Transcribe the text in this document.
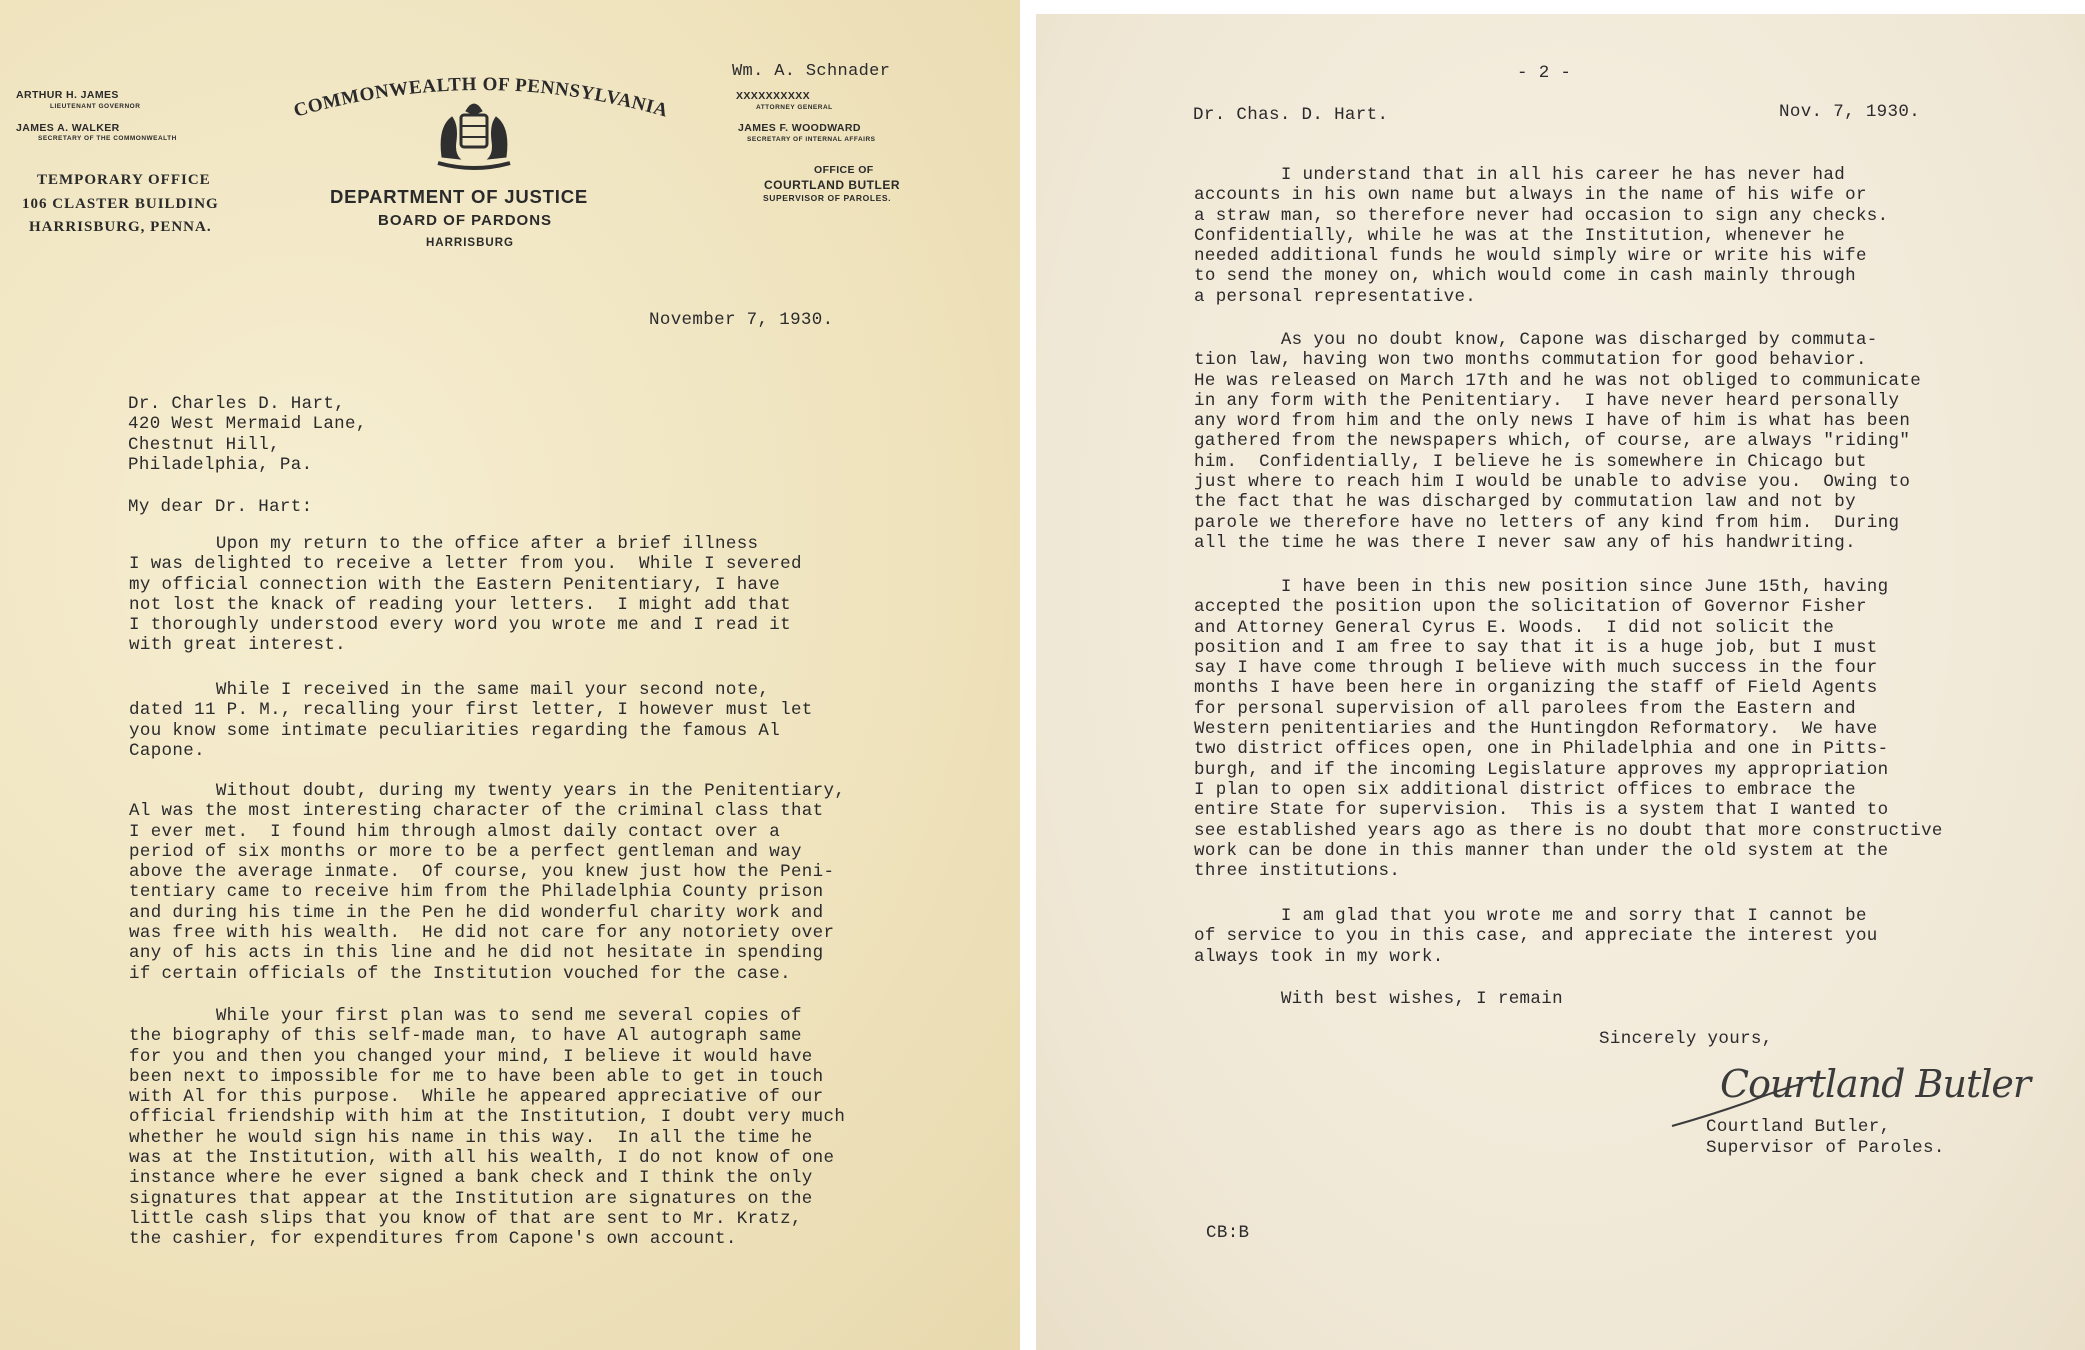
ARTHUR H. JAMES

LIEUTENANT GOVERNOR

JAMES A. WALKER

SECRETARY OF THE COMMONWEALTH

TEMPORARY OFFICE

106 CLASTER BUILDING

HARRISBURG, PENNA.

COMMONWEALTH OF PENNSYLVANIA

DEPARTMENT OF JUSTICE

BOARD OF PARDONS

HARRISBURG

Wm. A. Schnader

XXXXXXXXXX

ATTORNEY GENERAL

JAMES F. WOODWARD

SECRETARY OF INTERNAL AFFAIRS

OFFICE OF

COURTLAND BUTLER

SUPERVISOR OF PAROLES.

November 7, 1930.

Dr. Charles D. Hart,
420 West Mermaid Lane,
Chestnut Hill,
Philadelphia, Pa.

My dear Dr. Hart:

Upon my return to the office after a brief illness
I was delighted to receive a letter from you.  While I severed
my official connection with the Eastern Penitentiary, I have
not lost the knack of reading your letters.  I might add that
I thoroughly understood every word you wrote me and I read it
with great interest.

While I received in the same mail your second note,
dated 11 P. M., recalling your first letter, I however must let
you know some intimate peculiarities regarding the famous Al
Capone.

Without doubt, during my twenty years in the Penitentiary,
Al was the most interesting character of the criminal class that
I ever met.  I found him through almost daily contact over a
period of six months or more to be a perfect gentleman and way
above the average inmate.  Of course, you knew just how the Peni-
tentiary came to receive him from the Philadelphia County prison
and during his time in the Pen he did wonderful charity work and
was free with his wealth.  He did not care for any notoriety over
any of his acts in this line and he did not hesitate in spending
if certain officials of the Institution vouched for the case.

While your first plan was to send me several copies of
the biography of this self-made man, to have Al autograph same
for you and then you changed your mind, I believe it would have
been next to impossible for me to have been able to get in touch
with Al for this purpose.  While he appeared appreciative of our
official friendship with him at the Institution, I doubt very much
whether he would sign his name in this way.  In all the time he
was at the Institution, with all his wealth, I do not know of one
instance where he ever signed a bank check and I think the only
signatures that appear at the Institution are signatures on the
little cash slips that you know of that are sent to Mr. Kratz,
the cashier, for expenditures from Capone's own account.

- 2 -

Dr. Chas. D. Hart.	Nov. 7, 1930.

I understand that in all his career he has never had
accounts in his own name but always in the name of his wife or
a straw man, so therefore never had occasion to sign any checks.
Confidentially, while he was at the Institution, whenever he
needed additional funds he would simply wire or write his wife
to send the money on, which would come in cash mainly through
a personal representative.

As you no doubt know, Capone was discharged by commuta-
tion law, having won two months commutation for good behavior.
He was released on March 17th and he was not obliged to communicate
in any form with the Penitentiary.  I have never heard personally
any word from him and the only news I have of him is what has been
gathered from the newspapers which, of course, are always "riding"
him.  Confidentially, I believe he is somewhere in Chicago but
just where to reach him I would be unable to advise you.  Owing to
the fact that he was discharged by commutation law and not by
parole we therefore have no letters of any kind from him.  During
all the time he was there I never saw any of his handwriting.

I have been in this new position since June 15th, having
accepted the position upon the solicitation of Governor Fisher
and Attorney General Cyrus E. Woods.  I did not solicit the
position and I am free to say that it is a huge job, but I must
say I have come through I believe with much success in the four
months I have been here in organizing the staff of Field Agents
for personal supervision of all parolees from the Eastern and
Western penitentiaries and the Huntingdon Reformatory.  We have
two district offices open, one in Philadelphia and one in Pitts-
burgh, and if the incoming Legislature approves my appropriation
I plan to open six additional district offices to embrace the
entire State for supervision.  This is a system that I wanted to
see established years ago as there is no doubt that more constructive
work can be done in this manner than under the old system at the
three institutions.

I am glad that you wrote me and sorry that I cannot be
of service to you in this case, and appreciate the interest you
always took in my work.

With best wishes, I remain

Sincerely yours,

Courtland Butler

Courtland Butler,

Supervisor of Paroles.

CB:B
